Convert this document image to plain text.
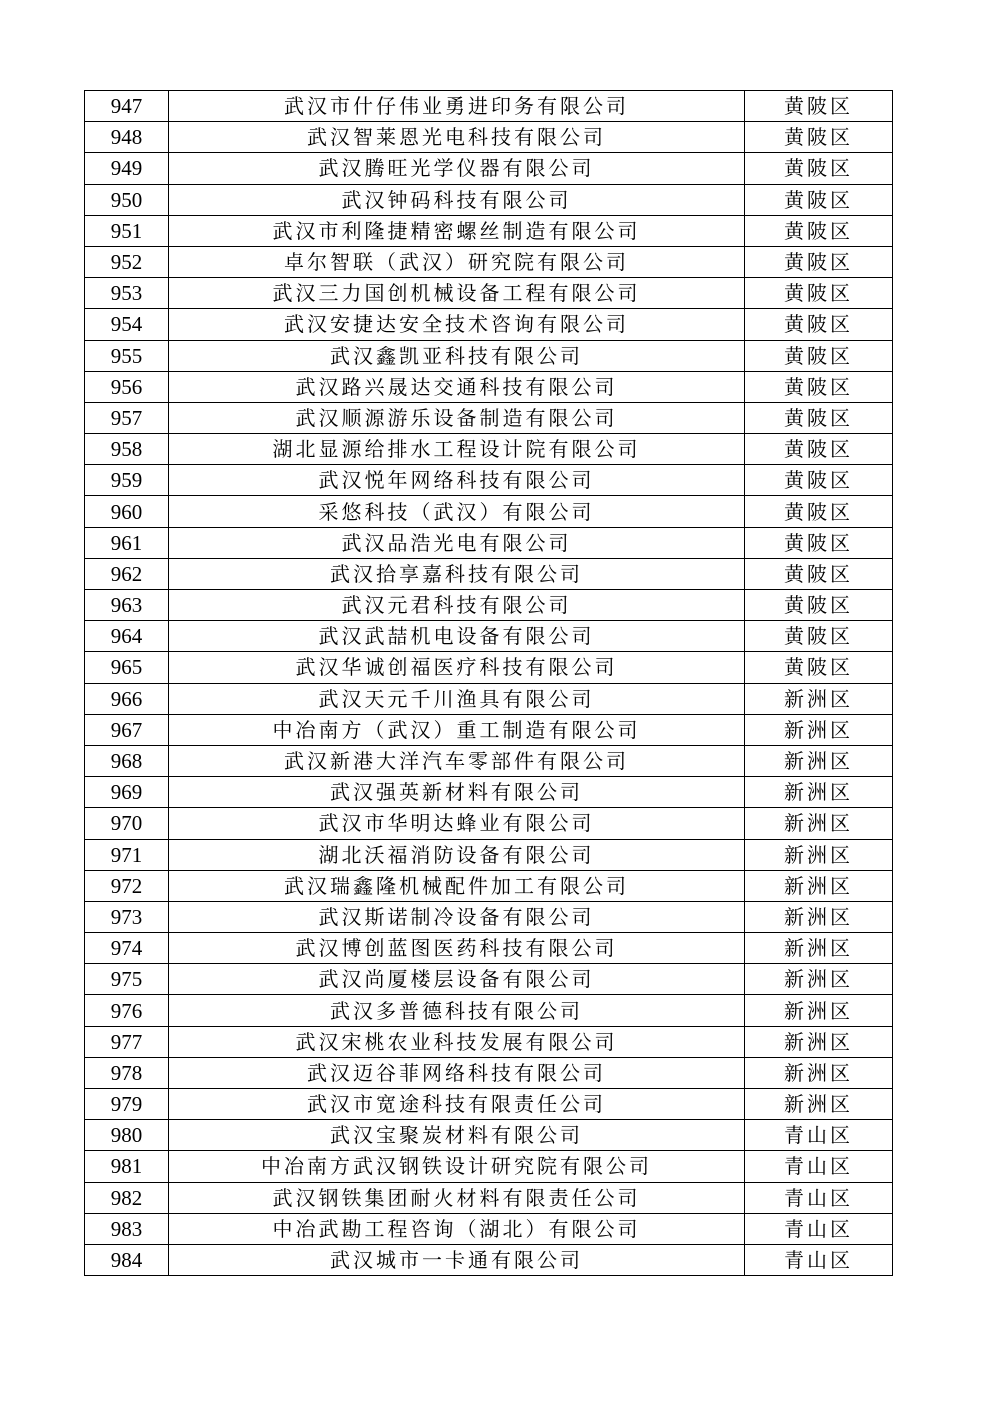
947	武汉市什仔伟业勇进印务有限公司	黄陂区
948	武汉智莱恩光电科技有限公司	黄陂区
949	武汉腾旺光学仪器有限公司	黄陂区
950	武汉钟码科技有限公司	黄陂区
951	武汉市利隆捷精密螺丝制造有限公司	黄陂区
952	卓尔智联（武汉）研究院有限公司	黄陂区
953	武汉三力国创机械设备工程有限公司	黄陂区
954	武汉安捷达安全技术咨询有限公司	黄陂区
955	武汉鑫凯亚科技有限公司	黄陂区
956	武汉路兴晟达交通科技有限公司	黄陂区
957	武汉顺源游乐设备制造有限公司	黄陂区
958	湖北显源给排水工程设计院有限公司	黄陂区
959	武汉悦年网络科技有限公司	黄陂区
960	采悠科技（武汉）有限公司	黄陂区
961	武汉品浩光电有限公司	黄陂区
962	武汉拾享嘉科技有限公司	黄陂区
963	武汉元君科技有限公司	黄陂区
964	武汉武喆机电设备有限公司	黄陂区
965	武汉华诚创福医疗科技有限公司	黄陂区
966	武汉天元千川渔具有限公司	新洲区
967	中冶南方（武汉）重工制造有限公司	新洲区
968	武汉新港大洋汽车零部件有限公司	新洲区
969	武汉强英新材料有限公司	新洲区
970	武汉市华明达蜂业有限公司	新洲区
971	湖北沃福消防设备有限公司	新洲区
972	武汉瑞鑫隆机械配件加工有限公司	新洲区
973	武汉斯诺制冷设备有限公司	新洲区
974	武汉博创蓝图医药科技有限公司	新洲区
975	武汉尚厦楼层设备有限公司	新洲区
976	武汉多普德科技有限公司	新洲区
977	武汉宋桃农业科技发展有限公司	新洲区
978	武汉迈谷菲网络科技有限公司	新洲区
979	武汉市宽途科技有限责任公司	新洲区
980	武汉宝聚炭材料有限公司	青山区
981	中冶南方武汉钢铁设计研究院有限公司	青山区
982	武汉钢铁集团耐火材料有限责任公司	青山区
983	中冶武勘工程咨询（湖北）有限公司	青山区
984	武汉城市一卡通有限公司	青山区
